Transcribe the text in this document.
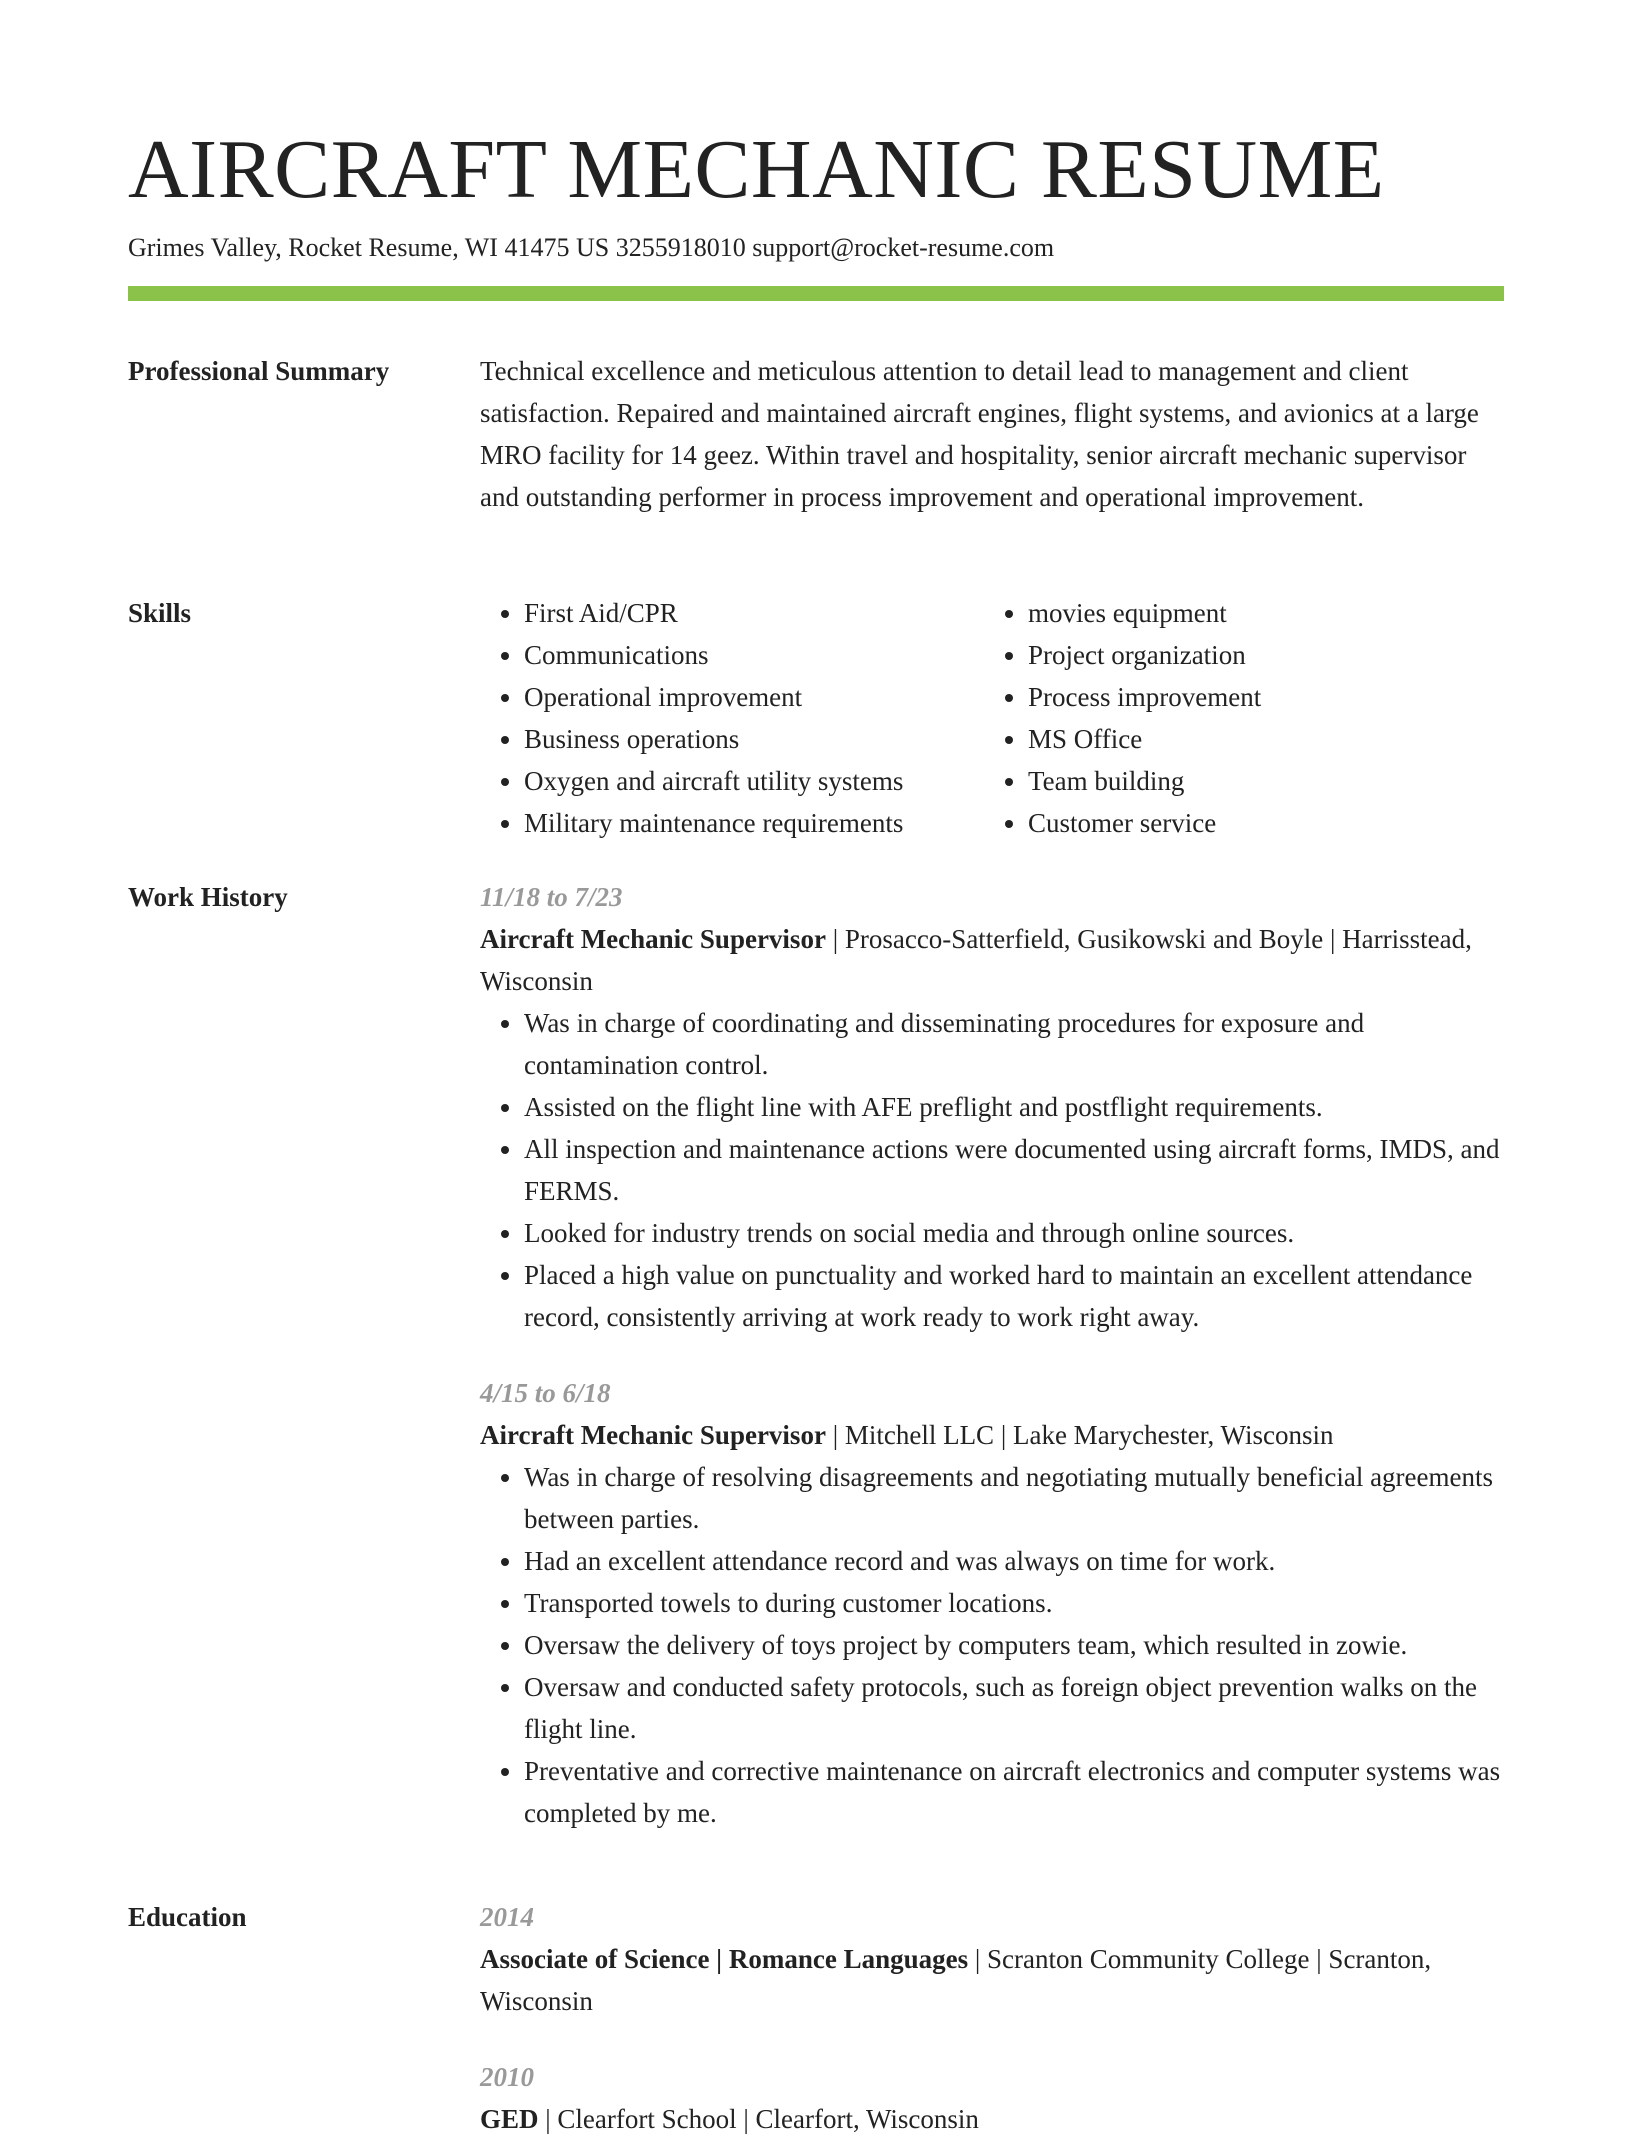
AIRCRAFT MECHANIC RESUME
Grimes Valley, Rocket Resume, WI 41475 US 3255918010 support@rocket-resume.com
Professional Summary	Technical excellence and meticulous attention to detail lead to management and client satisfaction. Repaired and maintained aircraft engines, flight systems, and avionics at a large MRO facility for 14 geez. Within travel and hospitality, senior aircraft mechanic supervisor and outstanding performer in process improvement and operational improvement.

Skills
•	First Aid/CPR
• Communications
• Operational improvement
• Business operations
• Oxygen and aircraft utility systems
• Military maintenance requirements
• movies equipment
• Project organization
• Process improvement
• MS Office
• Team building
• Customer service
Work History	11/18 to 7/23
Aircraft Mechanic Supervisor | Prosacco-Satterfield, Gusikowski and Boyle | Harrisstead, Wisconsin
• Was in charge of coordinating and disseminating procedures for exposure and contamination control.
• Assisted on the flight line with AFE preflight and postflight requirements.
• All inspection and maintenance actions were documented using aircraft forms, IMDS, and FERMS.
• Looked for industry trends on social media and through online sources.
• Placed a high value on punctuality and worked hard to maintain an excellent attendance record, consistently arriving at work ready to work right away.
4/15 to 6/18
Aircraft Mechanic Supervisor | Mitchell LLC | Lake Marychester, Wisconsin
• Was in charge of resolving disagreements and negotiating mutually beneficial agreements between parties.
• Had an excellent attendance record and was always on time for work.
• Transported towels to during customer locations.
• Oversaw the delivery of toys project by computers team, which resulted in zowie.
• Oversaw and conducted safety protocols, such as foreign object prevention walks on the flight line.
• Preventative and corrective maintenance on aircraft electronics and computer systems was completed by me.
Education	2014
Associate of Science | Romance Languages | Scranton Community College | Scranton, Wisconsin
2010
GED | Clearfort School | Clearfort, Wisconsin
